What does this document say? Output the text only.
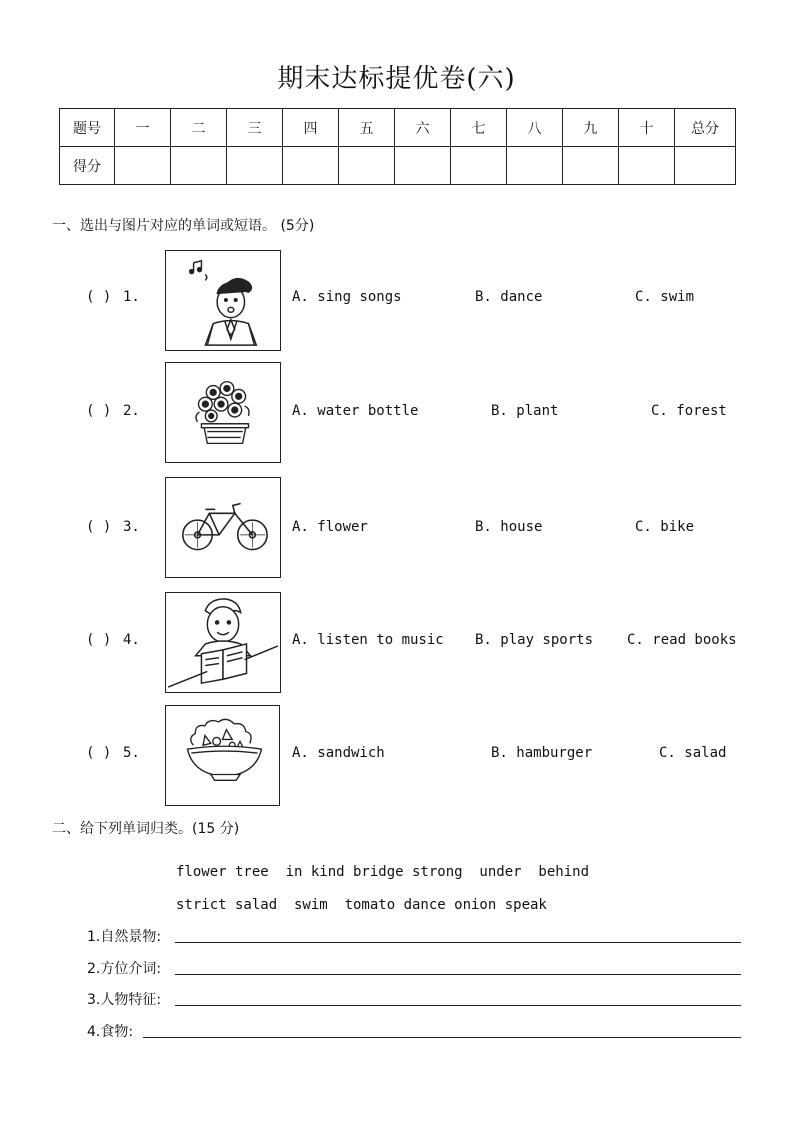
期末达标提优卷(六)
题号	一	二	三	四	五	六	七	八	九	十	总分
得分											
一、选出与图片对应的单词或短语。 (5分)
( ) 1.	A. sing songs	B. dance	C. swim
( ) 2.	A. water bottle	B. plant	C. forest
( ) 3.	A. flower	B. house	C. bike
( ) 4.	A. listen to music B. play sports C. read books
( ) 5.	A. sandwich	B. hamburger	C. salad
二、给下列单词归类。(15 分)
flower tree  in kind bridge strong  under  behind
strict salad  swim  tomato dance onion speak
1.自然景物:
2.方位介词:
3.人物特征:
4.食物:
